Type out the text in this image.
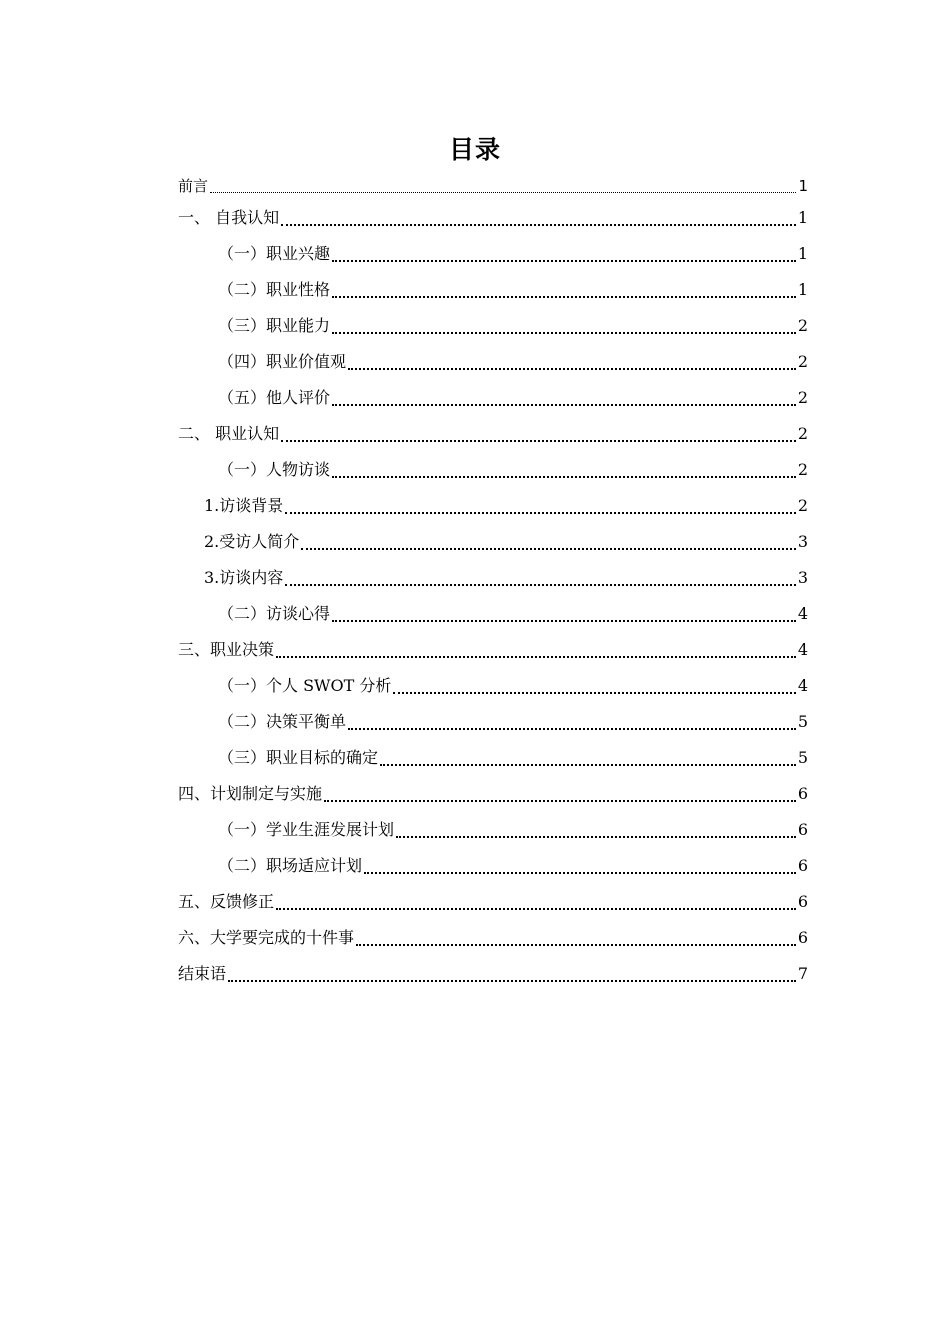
目录
前言	1
一、 自我认知	1
（一）职业兴趣	1
（二）职业性格	1
（三）职业能力	2
（四）职业价值观	2
（五）他人评价	2
二、 职业认知	2
（一）人物访谈	2
1.访谈背景	2
2.受访人简介	3
3.访谈内容	3
（二）访谈心得	4
三、职业决策	4
（一）个人 SWOT 分析	4
（二）决策平衡单	5
（三）职业目标的确定	5
四、计划制定与实施	6
（一）学业生涯发展计划	6
（二）职场适应计划	6
五、反馈修正	6
六、大学要完成的十件事	6
结束语	7
